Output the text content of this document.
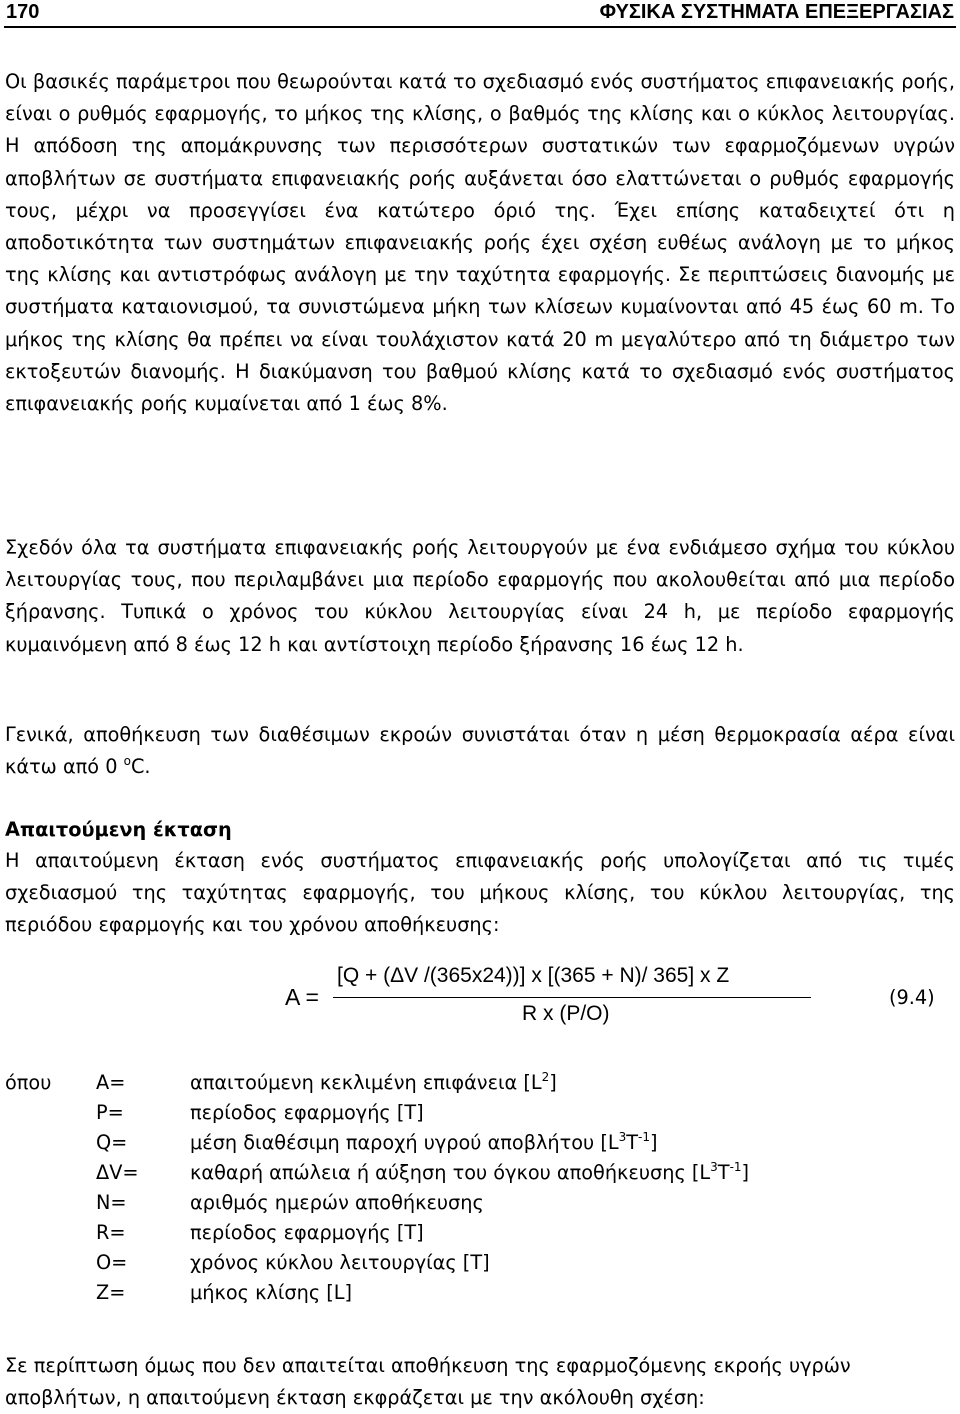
170	ΦΥΣΙΚΑ ΣΥΣΤΗΜΑΤΑ ΕΠΕΞΕΡΓΑΣΙΑΣ

Οι βασικές παράμετροι που θεωρούνται κατά το σχεδιασμό ενός συστήματος επιφανειακής ροής, είναι ο ρυθμός εφαρμογής, το μήκος της κλίσης, ο βαθμός της κλίσης και ο κύκλος λειτουργίας. Η απόδοση της απομάκρυνσης των περισσότερων συστατικών των εφαρμοζόμενων υγρών αποβλήτων σε συστήματα επιφανειακής ροής αυξάνεται όσο ελαττώνεται ο ρυθμός εφαρμογής τους, μέχρι να προσεγγίσει ένα κατώτερο όριό της. Έχει επίσης καταδειχτεί ότι η αποδοτικότητα των συστημάτων επιφανειακής ροής έχει σχέση ευθέως ανάλογη με το μήκος της κλίσης και αντιστρόφως ανάλογη με την ταχύτητα εφαρμογής. Σε περιπτώσεις διανομής με συστήματα καταιονισμού, τα συνιστώμενα μήκη των κλίσεων κυμαίνονται από 45 έως 60 m. Το μήκος της κλίσης θα πρέπει να είναι τουλάχιστον κατά 20 m μεγαλύτερο από τη διάμετρο των εκτοξευτών διανομής. Η διακύμανση του βαθμού κλίσης κατά το σχεδιασμό ενός συστήματος επιφανειακής ροής κυμαίνεται από 1 έως 8%.

Σχεδόν όλα τα συστήματα επιφανειακής ροής λειτουργούν με ένα ενδιάμεσο σχήμα του κύκλου λειτουργίας τους, που περιλαμβάνει μια περίοδο εφαρμογής που ακολουθείται από μια περίοδο ξήρανσης. Τυπικά ο χρόνος του κύκλου λειτουργίας είναι 24 h, με περίοδο εφαρμογής κυμαινόμενη από 8 έως 12 h και αντίστοιχη περίοδο ξήρανσης 16 έως 12 h.

Γενικά, αποθήκευση των διαθέσιμων εκροών συνιστάται όταν η μέση θερμοκρασία αέρα είναι κάτω από 0 $^o$C.

Απαιτούμενη έκταση

Η απαιτούμενη έκταση ενός συστήματος επιφανειακής ροής υπολογίζεται από τις τιμές σχεδιασμού της ταχύτητας εφαρμογής, του μήκους κλίσης, του κύκλου λειτουργίας, της περιόδου εφαρμογής και του χρόνου αποθήκευσης:

A =
[Q + (ΔV /(365x24))] x [(365 + N)/ 365] x Z
R x (P/O)
(9.4)
όπου A=	απαιτούμενη κεκλιμένη επιφάνεια $[L^2]$
P=	περίοδος εφαρμογής [T]
Q=	μέση διαθέσιμη παροχή υγρού αποβλήτου $[L^3T^{-1}]$
ΔV=	καθαρή απώλεια ή αύξηση του όγκου αποθήκευσης $[L^3T^{-1}]$
N=	αριθμός ημερών αποθήκευσης
R=	περίοδος εφαρμογής [T]
O=	χρόνος κύκλου λειτουργίας [T]
Z=	μήκος κλίσης [L]

Σε περίπτωση όμως που δεν απαιτείται αποθήκευση της εφαρμοζόμενης εκροής υγρών αποβλήτων, η απαιτούμενη έκταση εκφράζεται με την ακόλουθη σχέση:
